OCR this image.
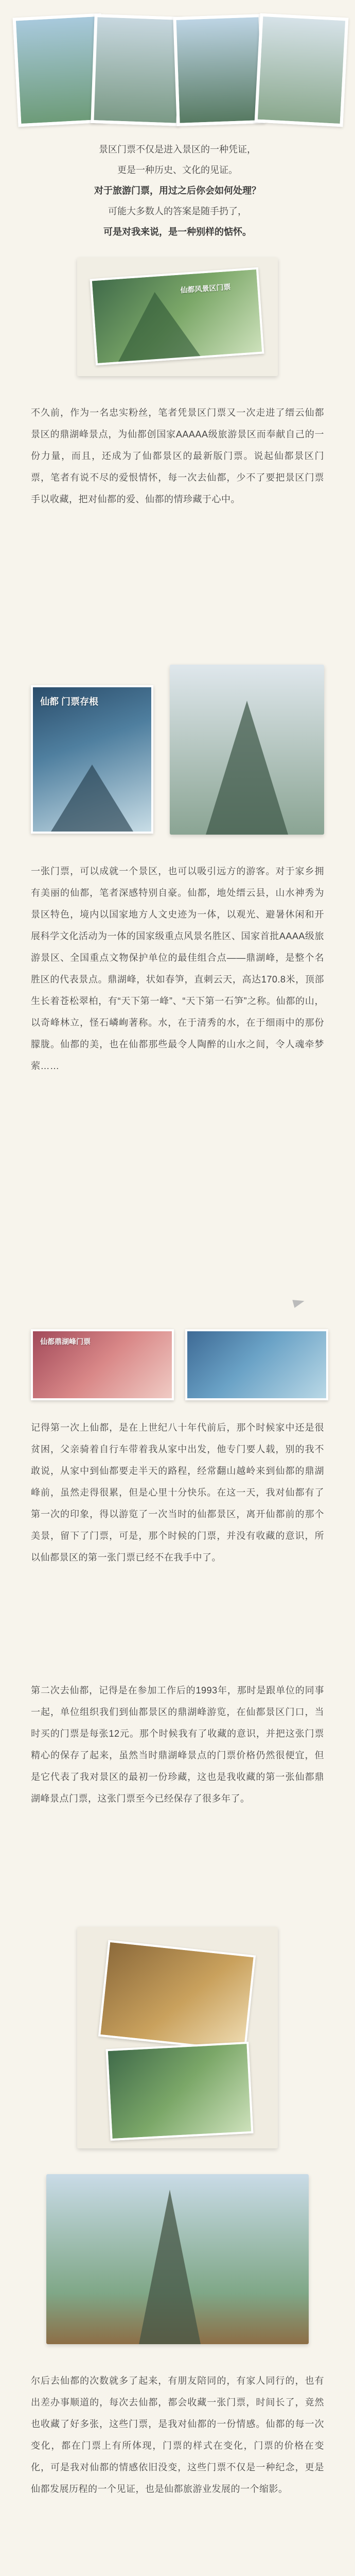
景区门票不仅是进入景区的一种凭证，

更是一种历史、文化的见证。

对于旅游门票，用过之后你会如何处理？

可能大多数人的答案是随手扔了，

可是对我来说，是一种别样的惦怀。

仙都风景区门票

不久前，作为一名忠实粉丝，笔者凭景区门票又一次走进了缙云仙都景区的鼎湖峰景点，为仙都创国家AAAAA级旅游景区而奉献自己的一份力量，而且，还成为了仙都景区的最新版门票。说起仙都景区门票，笔者有说不尽的爱恨情怀，每一次去仙都，少不了要把景区门票手以收藏，把对仙都的爱、仙都的情珍藏于心中。

仙都 门票存根

一张门票，可以成就一个景区，也可以吸引远方的游客。对于家乡拥有美丽的仙都，笔者深感特别自豪。仙都，地处缙云县，山水神秀为景区特色，境内以国家地方人文史迹为一体，以观光、避暑休闲和开展科学文化活动为一体的国家级重点风景名胜区、国家首批AAAA级旅游景区、全国重点文物保护单位的最佳组合点——鼎湖峰，是整个名胜区的代表景点。鼎湖峰，状如春笋，直刺云天，高达170.8米，顶部生长着苍松翠柏，有“天下第一峰”、“天下第一石笋”之称。仙都的山，以奇峰林立，怪石嶙峋著称。水，在于清秀的水，在于细雨中的那份朦胧。仙都的美，也在仙都那些最令人陶醉的山水之间，令人魂牵梦萦……

仙都鼎湖峰门票

记得第一次上仙都，是在上世纪八十年代前后，那个时候家中还是很贫困，父亲骑着自行车带着我从家中出发，他专门要人载，别的我不敢说，从家中到仙都要走半天的路程，经常翻山越岭来到仙都的鼎湖峰前，虽然走得很累，但是心里十分快乐。在这一天，我对仙都有了第一次的印象，得以游览了一次当时的仙都景区，离开仙都前的那个美景，留下了门票，可是，那个时候的门票，并没有收藏的意识，所以仙都景区的第一张门票已经不在我手中了。

第二次去仙都，记得是在参加工作后的1993年，那时是跟单位的同事一起，单位组织我们到仙都景区的鼎湖峰游览，在仙都景区门口，当时买的门票是每张12元。那个时候我有了收藏的意识，并把这张门票精心的保存了起来，虽然当时鼎湖峰景点的门票价格仍然很便宜，但是它代表了我对景区的最初一份珍藏，这也是我收藏的第一张仙都鼎湖峰景点门票，这张门票至今已经保存了很多年了。

尔后去仙都的次数就多了起来，有朋友陪同的，有家人同行的，也有出差办事顺道的，每次去仙都，都会收藏一张门票，时间长了，竟然也收藏了好多张，这些门票，是我对仙都的一份情感。仙都的每一次变化，都在门票上有所体现，门票的样式在变化，门票的价格在变化，可是我对仙都的情感依旧没变，这些门票不仅是一种纪念，更是仙都发展历程的一个见证，也是仙都旅游业发展的一个缩影。
